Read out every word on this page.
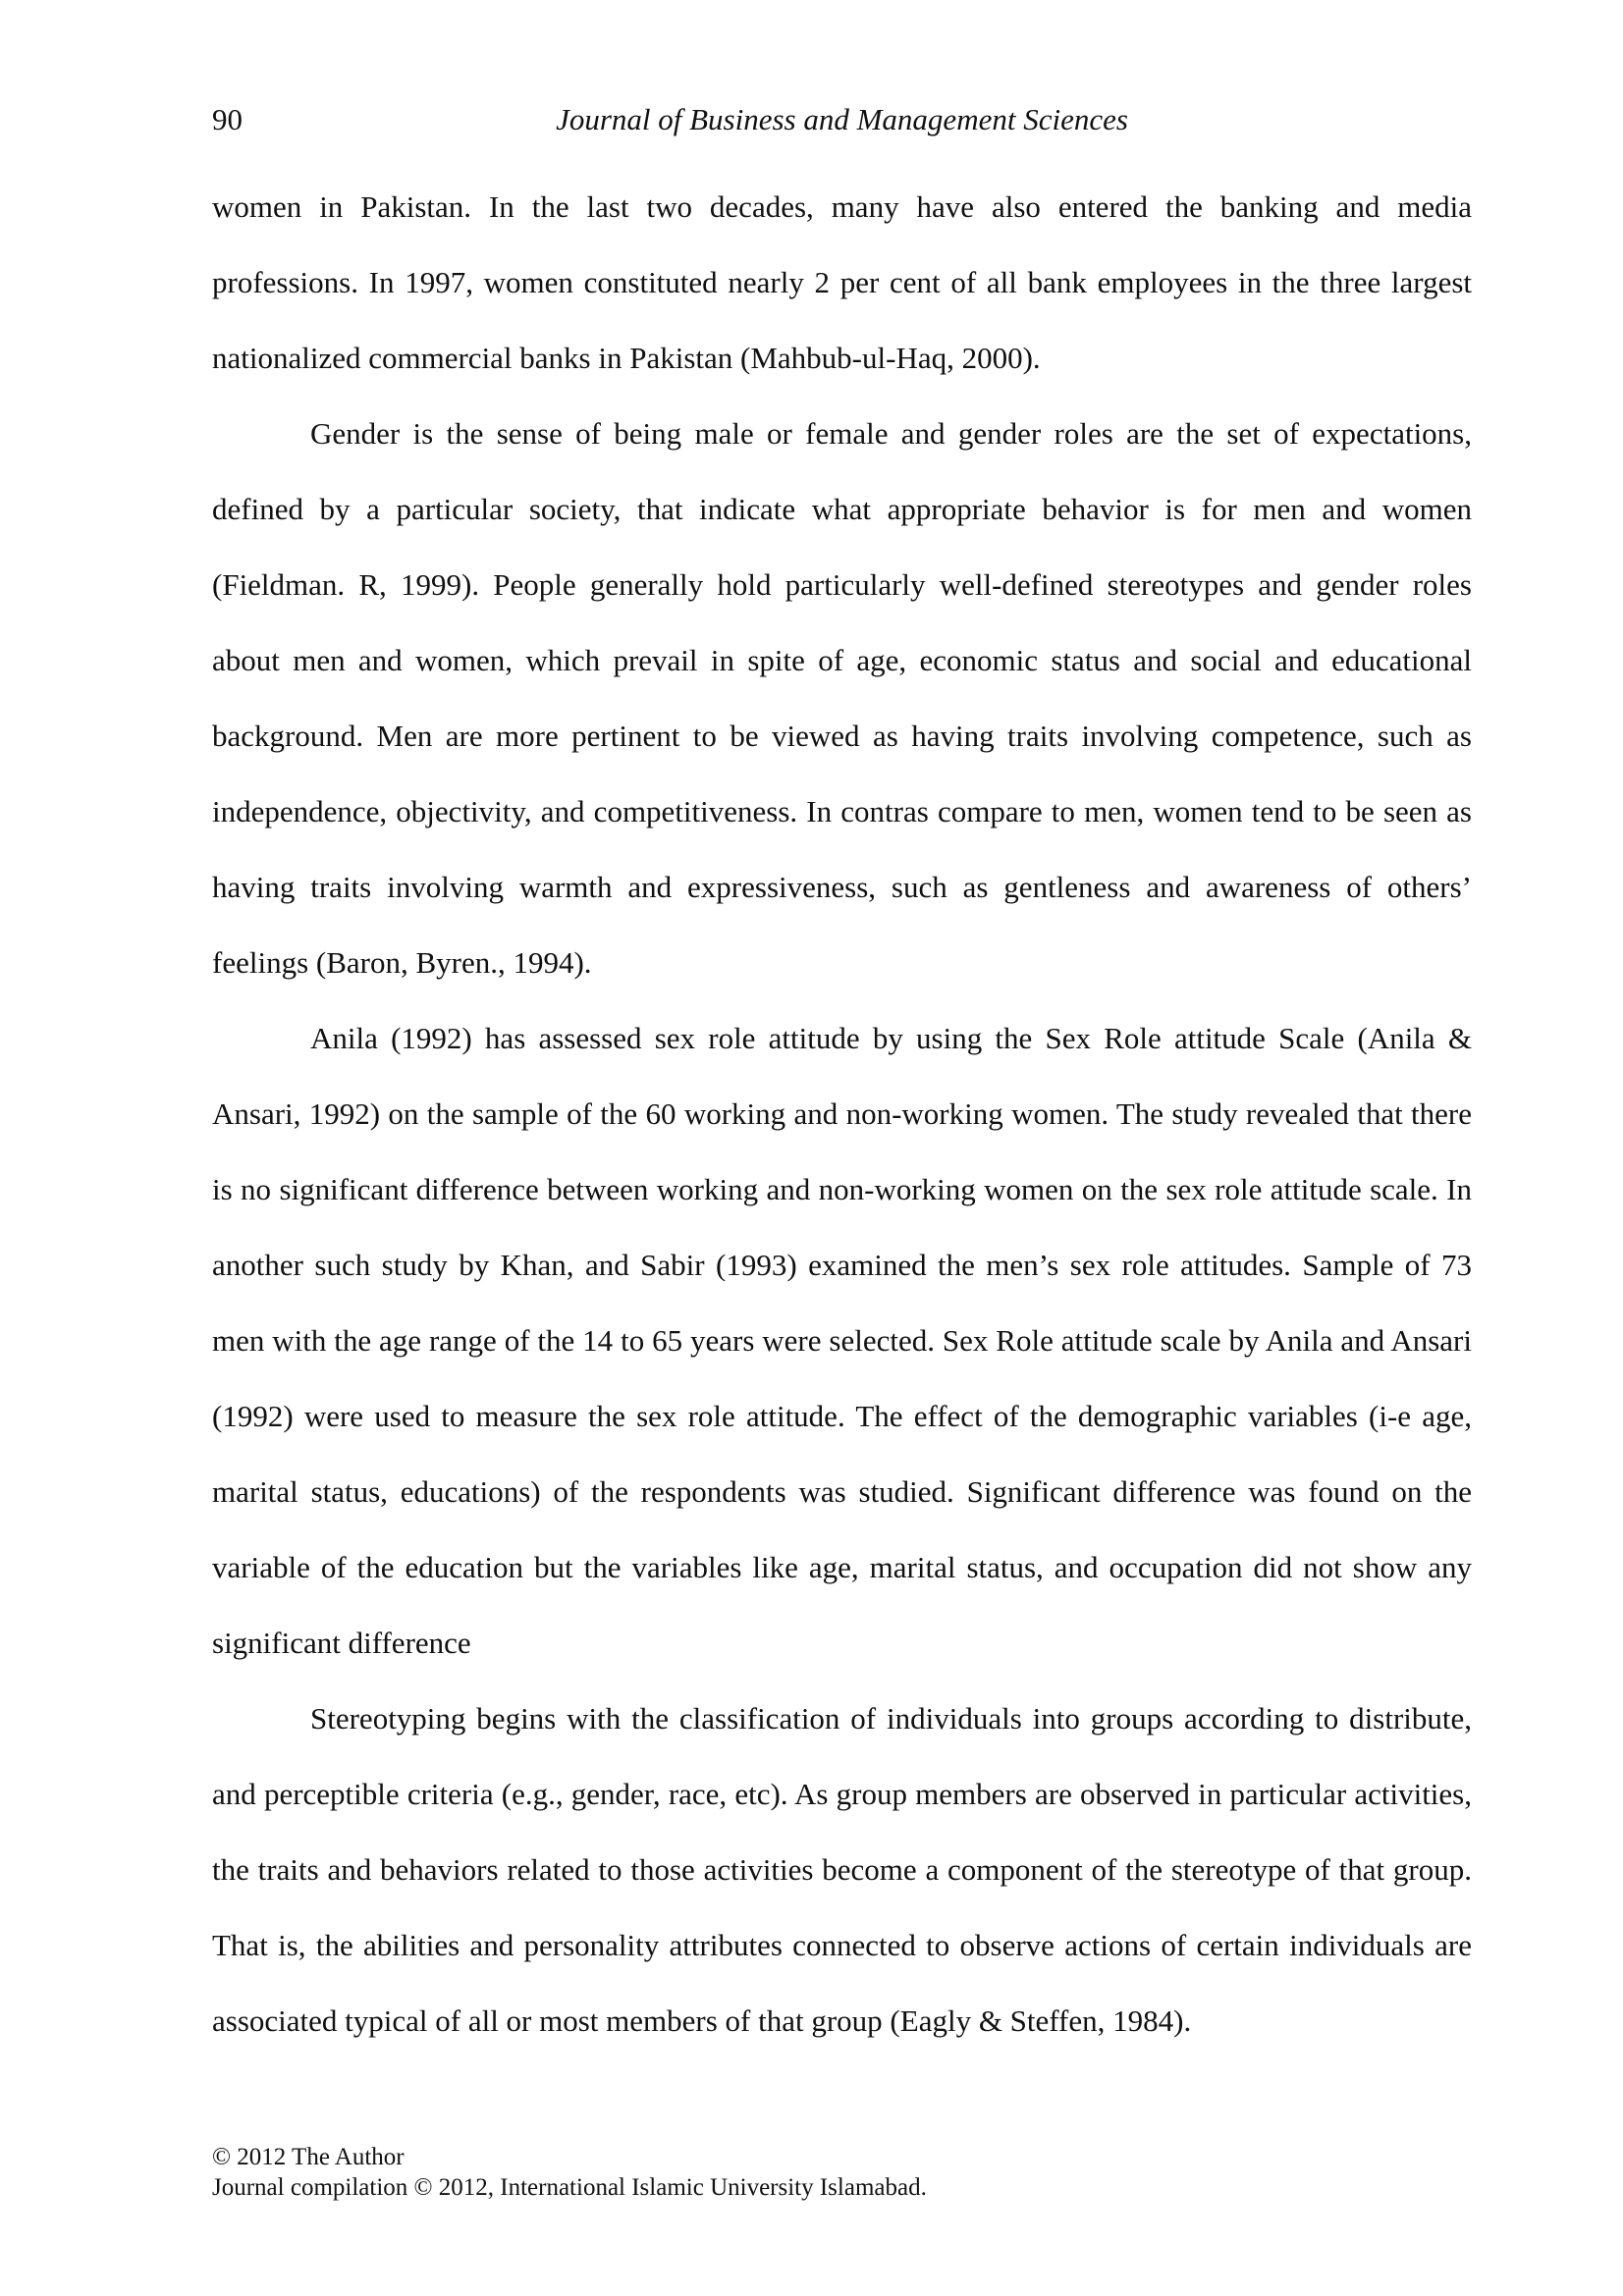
90	Journal of Business and Management Sciences

women in Pakistan. In the last two decades, many have also entered the banking and media professions. In 1997, women constituted nearly 2 per cent of all bank employees in the three largest nationalized commercial banks in Pakistan (Mahbub-ul-Haq, 2000).

Gender is the sense of being male or female and gender roles are the set of expectations, defined by a particular society, that indicate what appropriate behavior is for men and women (Fieldman. R, 1999). People generally hold particularly well-defined stereotypes and gender roles about men and women, which prevail in spite of age, economic status and social and educational background. Men are more pertinent to be viewed as having traits involving competence, such as independence, objectivity, and competitiveness. In contras compare to men, women tend to be seen as having traits involving warmth and expressiveness, such as gentleness and awareness of others’ feelings (Baron, Byren., 1994).

Anila (1992) has assessed sex role attitude by using the Sex Role attitude Scale (Anila & Ansari, 1992) on the sample of the 60 working and non-working women. The study revealed that there is no significant difference between working and non-working women on the sex role attitude scale. In another such study by Khan, and Sabir (1993) examined the men’s sex role attitudes. Sample of 73 men with the age range of the 14 to 65 years were selected. Sex Role attitude scale by Anila and Ansari (1992) were used to measure the sex role attitude. The effect of the demographic variables (i-e age, marital status, educations) of the respondents was studied. Significant difference was found on the variable of the education but the variables like age, marital status, and occupation did not show any significant difference

Stereotyping begins with the classification of individuals into groups according to distribute, and perceptible criteria (e.g., gender, race, etc). As group members are observed in particular activities, the traits and behaviors related to those activities become a component of the stereotype of that group. That is, the abilities and personality attributes connected to observe actions of certain individuals are associated typical of all or most members of that group (Eagly & Steffen, 1984).

© 2012 The Author
Journal compilation © 2012, International Islamic University Islamabad.
